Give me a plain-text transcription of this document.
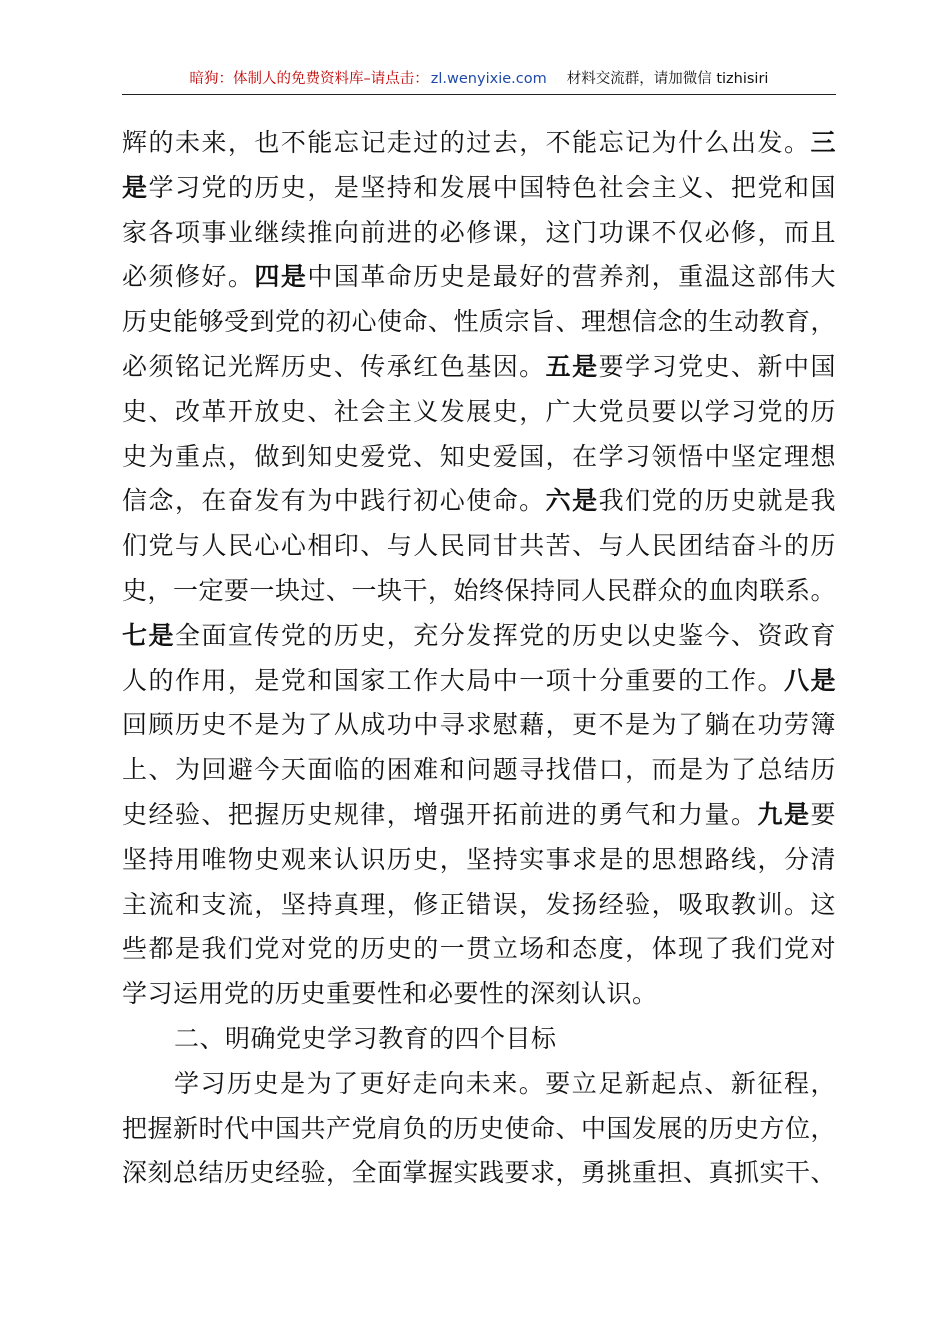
暗狗：体制人的免费资料库–请点击： zl.wenyixie.com 材料交流群，请加微信 tizhisiri
辉的未来，也不能忘记走过的过去，不能忘记为什么出发。三
是学习党的历史，是坚持和发展中国特色社会主义、把党和国
家各项事业继续推向前进的必修课，这门功课不仅必修，而且
必须修好。四是中国革命历史是最好的营养剂，重温这部伟大
历史能够受到党的初心使命、性质宗旨、理想信念的生动教育，
必须铭记光辉历史、传承红色基因。五是要学习党史、新中国
史、改革开放史、社会主义发展史，广大党员要以学习党的历
史为重点，做到知史爱党、知史爱国，在学习领悟中坚定理想
信念，在奋发有为中践行初心使命。六是我们党的历史就是我
们党与人民心心相印、与人民同甘共苦、与人民团结奋斗的历
史，一定要一块过、一块干，始终保持同人民群众的血肉联系。
七是全面宣传党的历史，充分发挥党的历史以史鉴今、资政育
人的作用，是党和国家工作大局中一项十分重要的工作。八是
回顾历史不是为了从成功中寻求慰藉，更不是为了躺在功劳簿
上、为回避今天面临的困难和问题寻找借口，而是为了总结历
史经验、把握历史规律，增强开拓前进的勇气和力量。九是要
坚持用唯物史观来认识历史，坚持实事求是的思想路线，分清
主流和支流，坚持真理，修正错误，发扬经验，吸取教训。这
些都是我们党对党的历史的一贯立场和态度，体现了我们党对
学习运用党的历史重要性和必要性的深刻认识。
二、明确党史学习教育的四个目标
学习历史是为了更好走向未来。要立足新起点、新征程，
把握新时代中国共产党肩负的历史使命、中国发展的历史方位，
深刻总结历史经验，全面掌握实践要求，勇挑重担、真抓实干、
